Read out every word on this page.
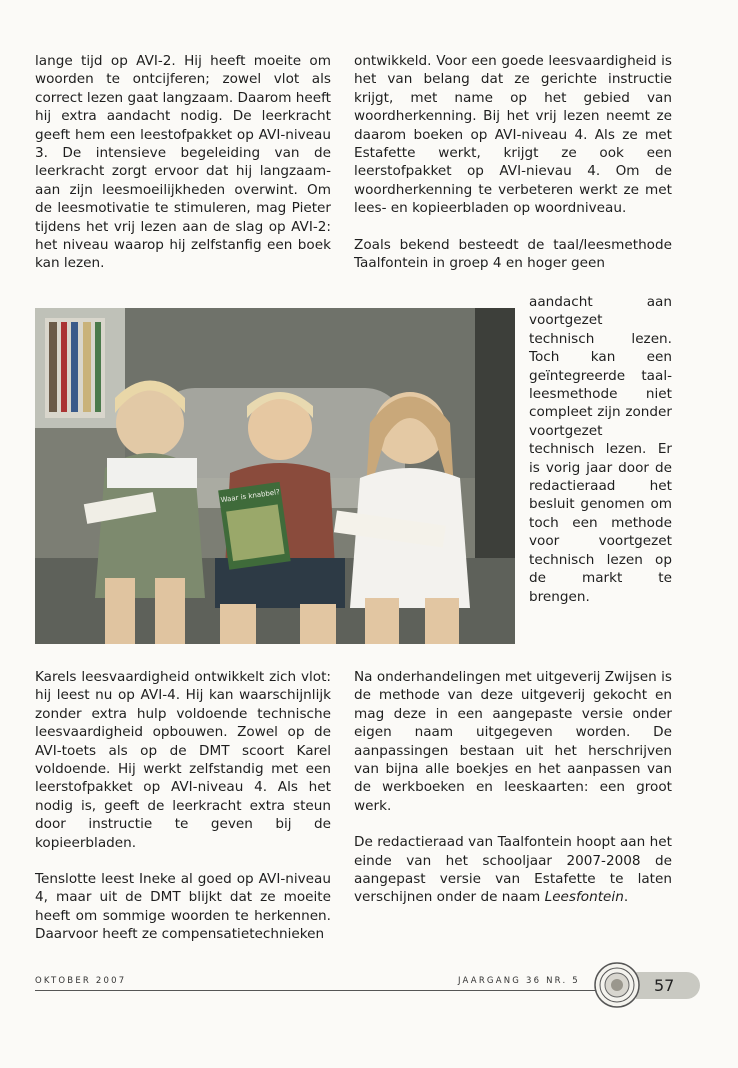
lange tijd op AVI-2. Hij heeft moeite om woorden te ontcijferen; zowel vlot als correct lezen gaat langzaam. Daarom heeft hij extra aandacht nodig. De leerkracht geeft hem een leestofpakket op AVI-niveau 3. De intensieve begeleiding van de leerkracht zorgt ervoor dat hij langzaam-aan zijn leesmoeilijkheden overwint. Om de leesmotivatie te stimuleren, mag Pieter tijdens het vrij lezen aan de slag op AVI-2: het niveau waarop hij zelfstanfig een boek kan lezen.

ontwikkeld. Voor een goede leesvaardigheid is het van belang dat ze gerichte instructie krijgt, met name op het gebied van woordherkenning. Bij het vrij lezen neemt ze daarom boeken op AVI-niveau 4. Als ze met Estafette werkt, krijgt ze ook een leerstofpakket op AVI-nievau 4. Om de woordherkenning te verbeteren werkt ze met lees- en kopieerbladen op woordniveau.

Zoals bekend besteedt de taal/leesmethode Taalfontein in groep 4 en hoger geen

Waar is knabbel?

aandacht aan voortgezet technisch lezen. Toch kan een geïntegreerde taal-leesmethode niet compleet zijn zonder voortgezet technisch lezen. Er is vorig jaar door de redactieraad het besluit genomen om toch een methode voor voortgezet technisch lezen op de markt te brengen.

Karels leesvaardigheid ontwikkelt zich vlot: hij leest nu op AVI-4. Hij kan waarschijnlijk zonder extra hulp voldoende technische leesvaardigheid opbouwen. Zowel op de AVI-toets als op de DMT scoort Karel voldoende. Hij werkt zelfstandig met een leerstofpakket op AVI-niveau 4. Als het nodig is, geeft de leerkracht extra steun door instructie te geven bij de kopieerbladen.

Tenslotte leest Ineke al goed op AVI-niveau 4, maar uit de DMT blijkt dat ze moeite heeft om sommige woorden te herkennen. Daarvoor heeft ze compensatietechnieken

Na onderhandelingen met uitgeverij Zwijsen is de methode van deze uitgeverij gekocht en mag deze in een aangepaste versie onder eigen naam uitgegeven worden. De aanpassingen bestaan uit het herschrijven van bijna alle boekjes en het aanpassen van de werkboeken en leeskaarten: een groot werk.

De redactieraad van Taalfontein hoopt aan het einde van het schooljaar 2007-2008 de aangepast versie van Estafette te laten verschijnen onder de naam Leesfontein.

OKTOBER 2007	JAARGANG 36 NR. 5	57
